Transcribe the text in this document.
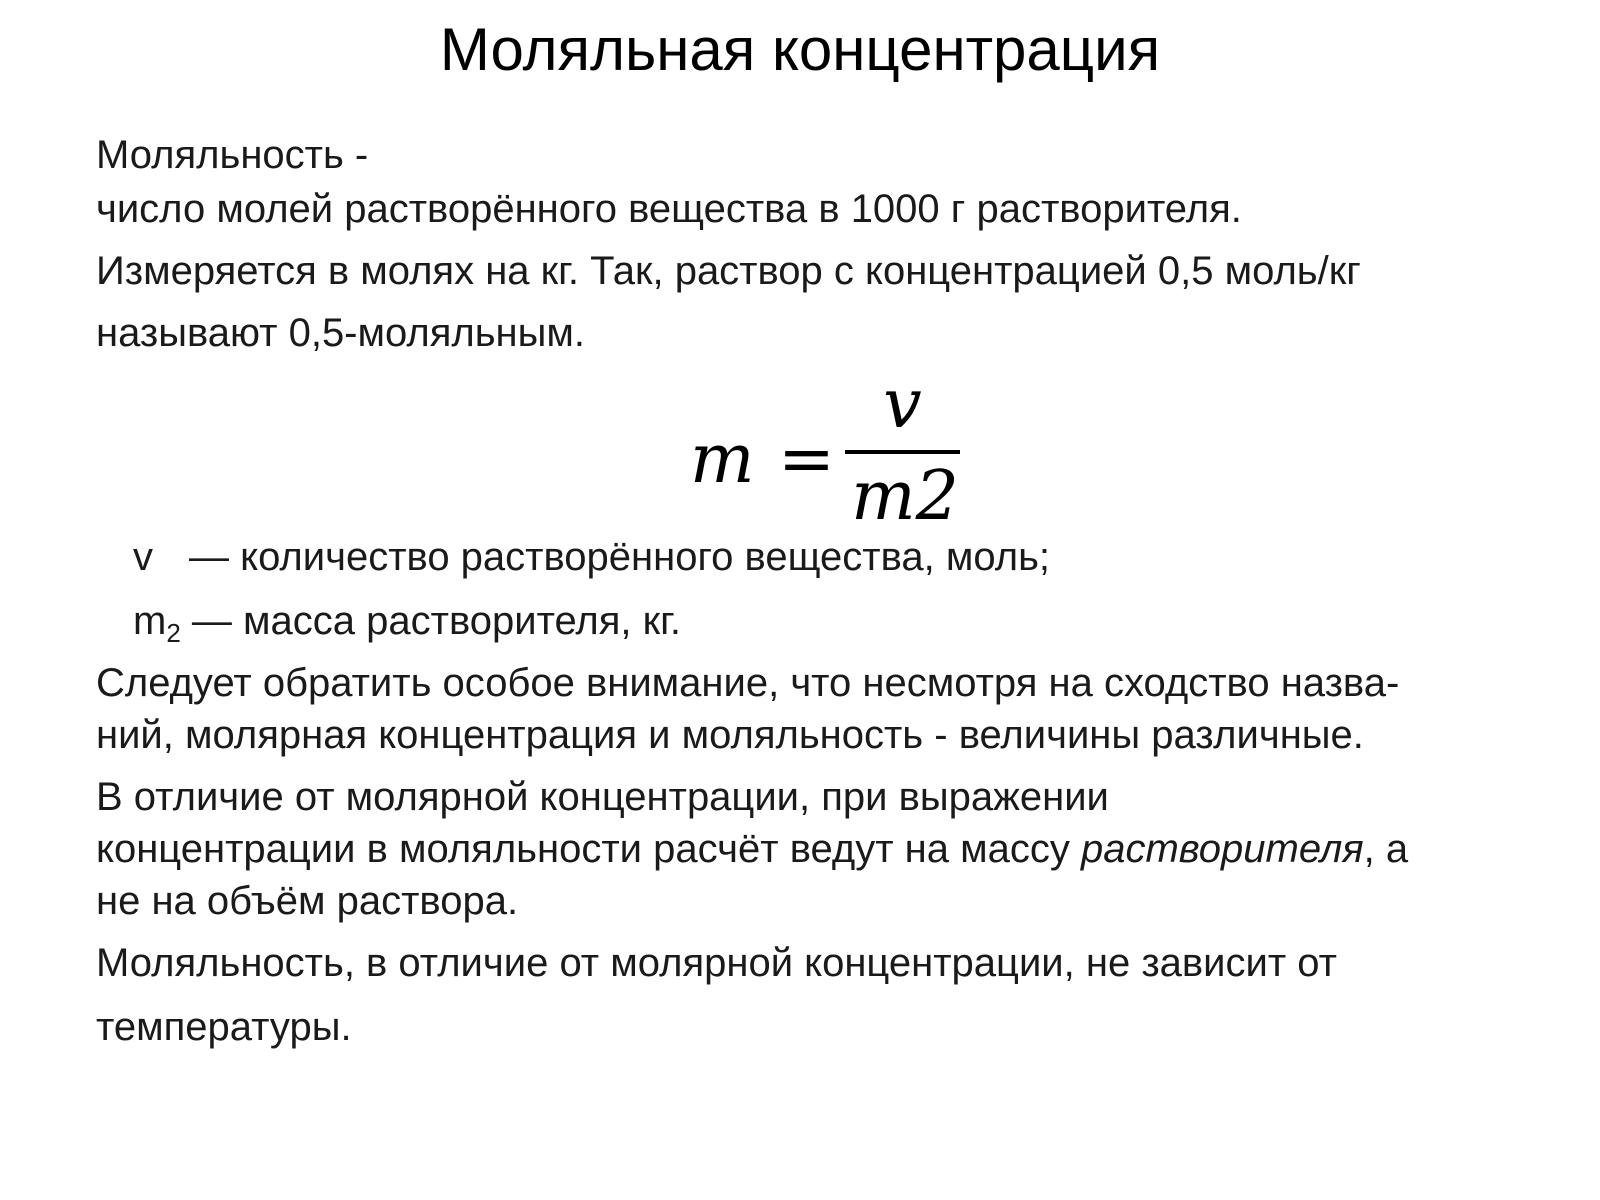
Моляльная концентрация
Моляльность -
число молей растворённого вещества в 1000 г растворителя.
Измеряется в молях на кг. Так, раствор с концентрацией 0,5 моль/кг
называют 0,5-моляльным.
m =
v
m2
v — количество растворённого вещества, моль;
$m_2$ — масса растворителя, кг.
Следует обратить особое внимание, что несмотря на сходство назва-
ний, молярная концентрация и моляльность - величины различные.
В отличие от молярной концентрации, при выражении
концентрации в моляльности расчёт ведут на массу растворителя, а
не на объём раствора.
Моляльность, в отличие от молярной концентрации, не зависит от
температуры.
